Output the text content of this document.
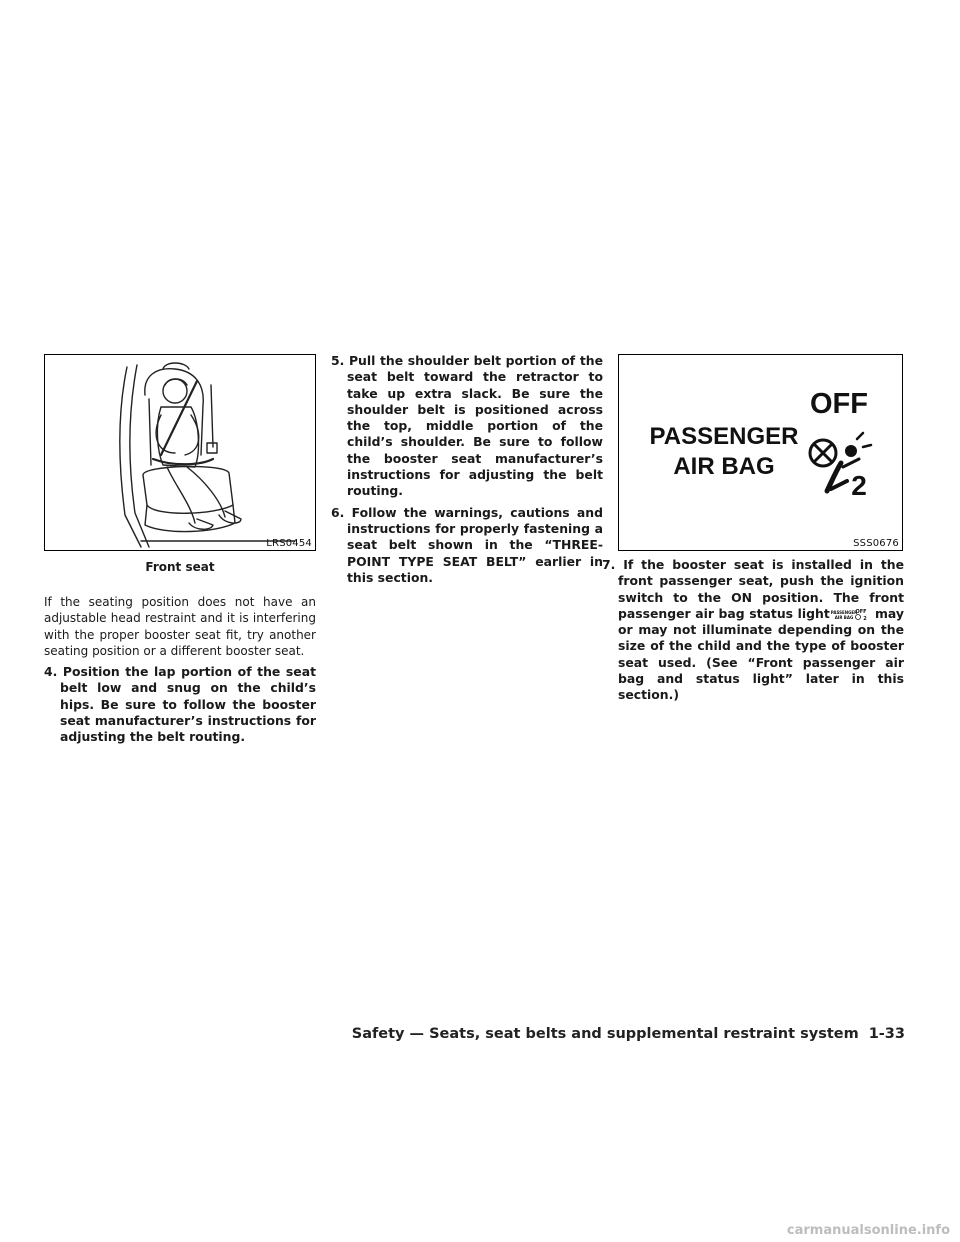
LRS0454
Front seat

If the seating position does not have an adjustable head restraint and it is interfering with the proper booster seat fit, try another seating position or a different booster seat.

4. Position the lap portion of the seat belt low and snug on the child’s hips. Be sure to follow the booster seat manufacturer’s instructions for adjusting the belt routing.

5. Pull the shoulder belt portion of the seat belt toward the retractor to take up extra slack. Be sure the shoulder belt is positioned across the top, middle portion of the child’s shoulder. Be sure to follow the booster seat manufacturer’s instructions for adjusting the belt routing.

6. Follow the warnings, cautions and instructions for properly fastening a seat belt shown in the “THREE-POINT TYPE SEAT BELT” earlier in this section.

PASSENGER
AIR BAG
OFF
2
SSS0676

7. If the booster seat is installed in the front passenger seat, push the ignition switch to the ON position. The front passenger air bag status light PASSENGER
AIR BAG
OFF
2 may or may not illuminate depending on the size of the child and the type of booster seat used. (See “Front passenger air bag and status light” later in this section.)

Safety — Seats, seat belts and supplemental restraint system 1-33
carmanualsonline.info
